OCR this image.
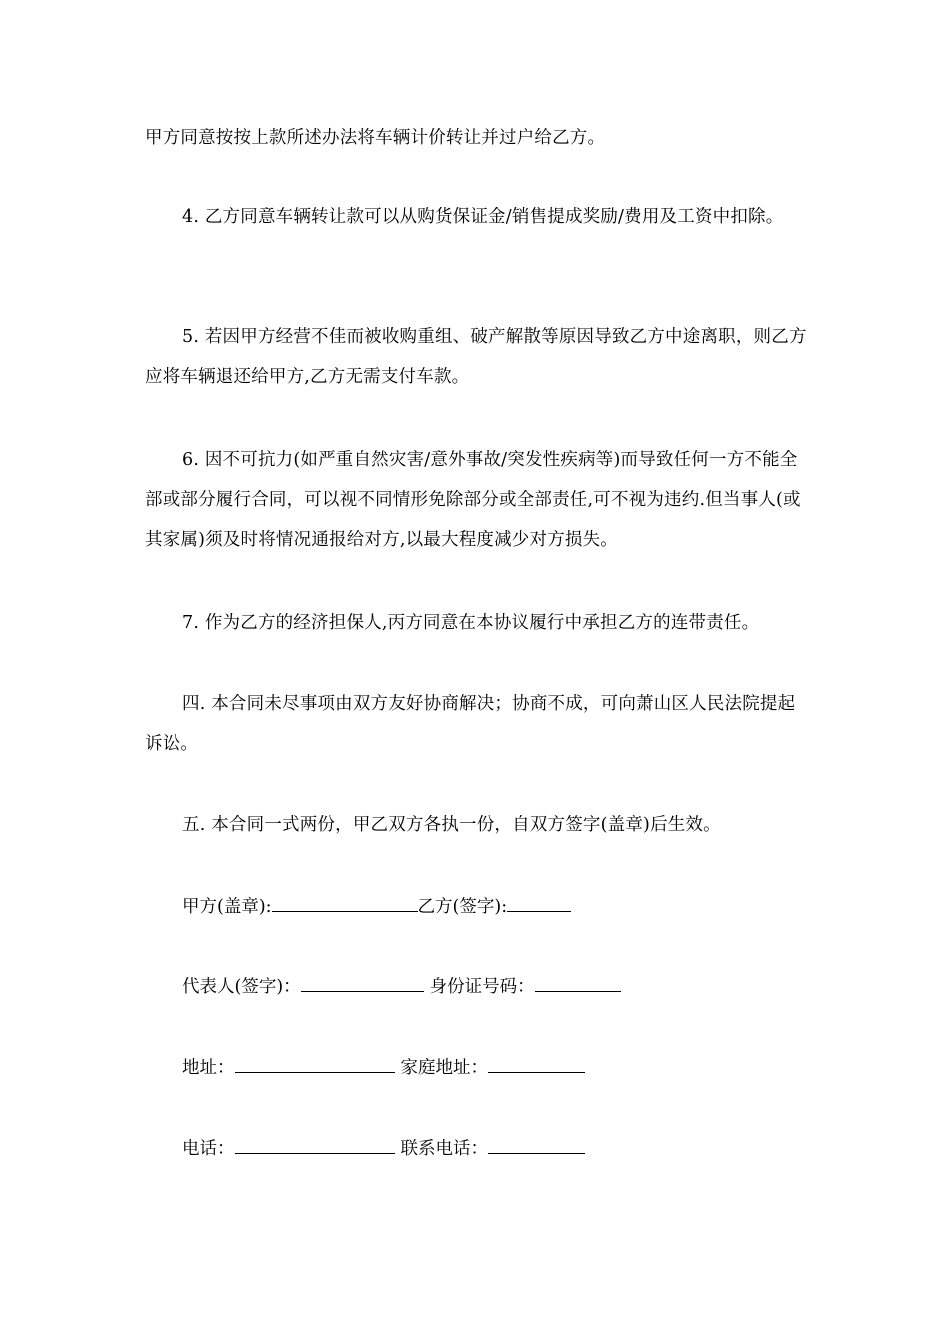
甲方同意按按上款所述办法将车辆计价转让并过户给乙方。

4. 乙方同意车辆转让款可以从购货保证金/销售提成奖励/费用及工资中扣除。

5. 若因甲方经营不佳而被收购重组、破产解散等原因导致乙方中途离职，则乙方应将车辆退还给甲方,乙方无需支付车款。

6. 因不可抗力(如严重自然灾害/意外事故/突发性疾病等)而导致任何一方不能全部或部分履行合同，可以视不同情形免除部分或全部责任,可不视为违约.但当事人(或其家属)须及时将情况通报给对方,以最大程度减少对方损失。

7. 作为乙方的经济担保人,丙方同意在本协议履行中承担乙方的连带责任。

四. 本合同未尽事项由双方友好协商解决；协商不成，可向萧山区人民法院提起诉讼。

五. 本合同一式两份，甲乙双方各执一份，自双方签字(盖章)后生效。

甲方(盖章):	乙方(签字):
代表人(签字)：	身份证号码：
地址：	家庭地址：
电话：	联系电话：
